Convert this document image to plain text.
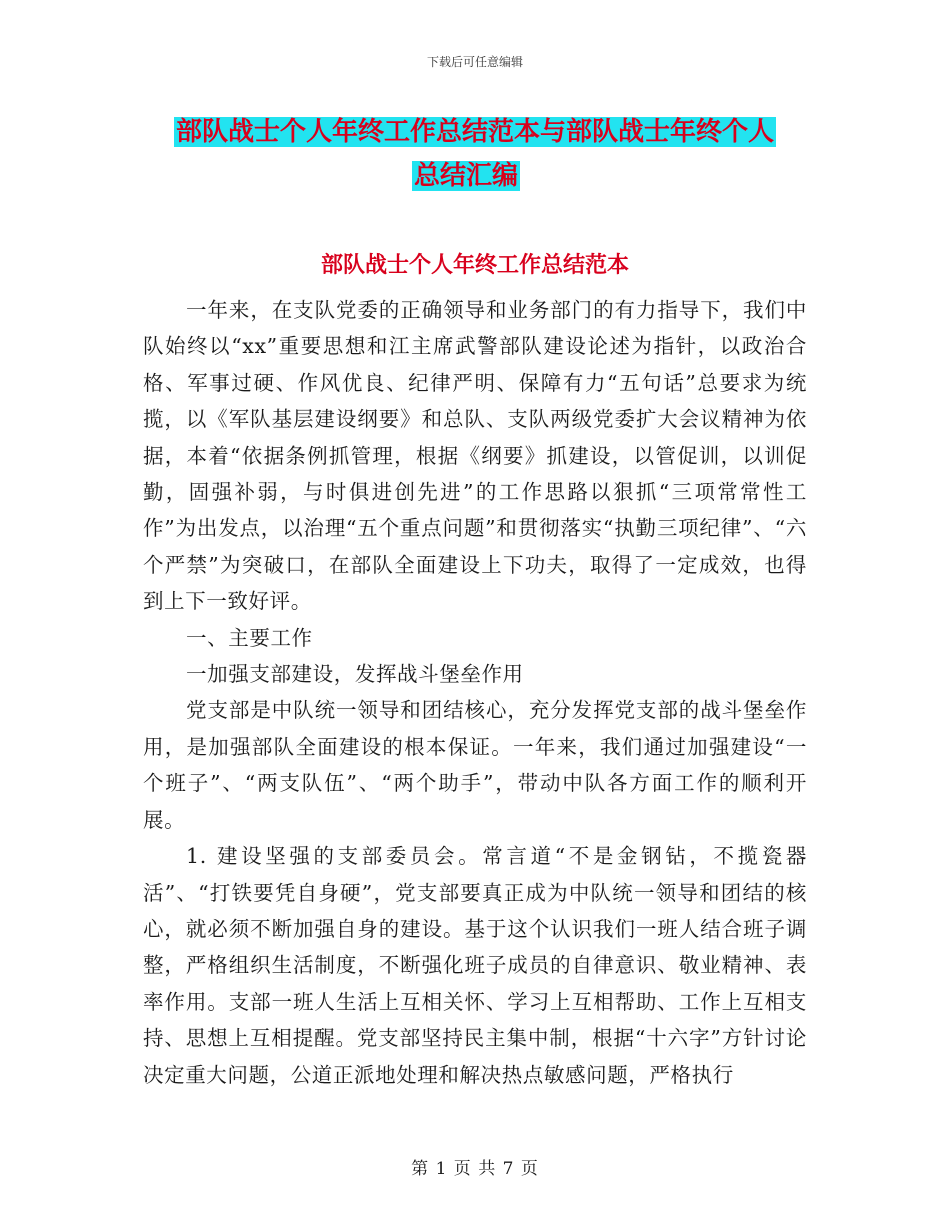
下载后可任意编辑
部队战士个人年终工作总结范本与部队战士年终个人
总结汇编
部队战士个人年终工作总结范本

一年来，在支队党委的正确领导和业务部门的有力指导下，我们中队始终以“xx”重要思想和江主席武警部队建设论述为指针，以政治合格、军事过硬、作风优良、纪律严明、保障有力“五句话”总要求为统揽，以《军队基层建设纲要》和总队、支队两级党委扩大会议精神为依据，本着“依据条例抓管理，根据《纲要》抓建设，以管促训，以训促勤，固强补弱，与时俱进创先进”的工作思路以狠抓“三项常常性工作”为出发点，以治理“五个重点问题”和贯彻落实“执勤三项纪律”、“六个严禁”为突破口，在部队全面建设上下功夫，取得了一定成效，也得到上下一致好评。

一、主要工作

一加强支部建设，发挥战斗堡垒作用

党支部是中队统一领导和团结核心，充分发挥党支部的战斗堡垒作用，是加强部队全面建设的根本保证。一年来，我们通过加强建设“一个班子”、“两支队伍”、“两个助手”，带动中队各方面工作的顺利开展。

1. 建设坚强的支部委员会。常言道“不是金钢钻，不揽瓷器活”、“打铁要凭自身硬”，党支部要真正成为中队统一领导和团结的核心，就必须不断加强自身的建设。基于这个认识我们一班人结合班子调整，严格组织生活制度，不断强化班子成员的自律意识、敬业精神、表率作用。支部一班人生活上互相关怀、学习上互相帮助、工作上互相支持、思想上互相提醒。党支部坚持民主集中制，根据“十六字”方针讨论决定重大问题，公道正派地处理和解决热点敏感问题，严格执行

第 1 页 共 7 页
